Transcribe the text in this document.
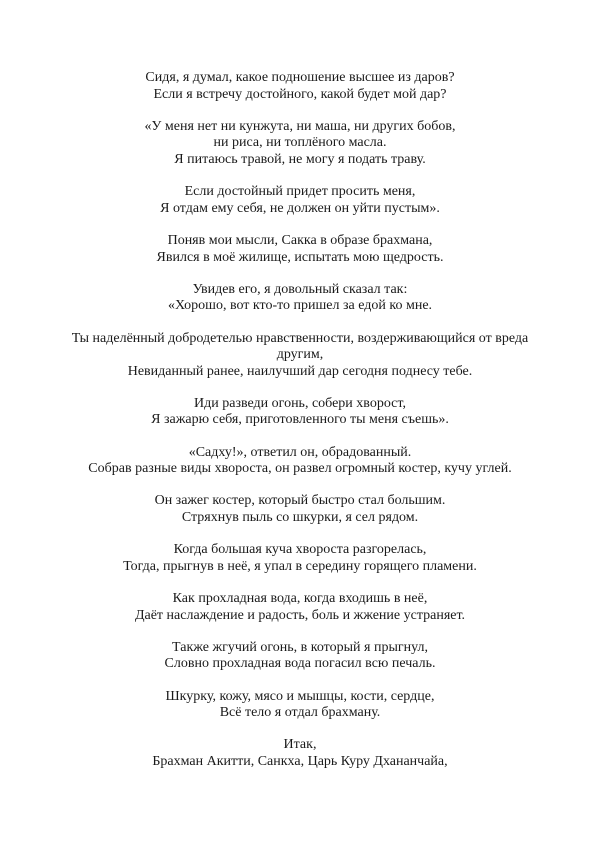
Сидя, я думал, какое подношение высшее из даров?
Если я встречу достойного, какой будет мой дар?
«У меня нет ни кунжута, ни маша, ни других бобов,
ни риса, ни топлёного масла.
Я питаюсь травой, не могу я подать траву.
Если достойный придет просить меня,
Я отдам ему себя, не должен он уйти пустым».
Поняв мои мысли, Сакка в образе брахмана,
Явился в моё жилище, испытать мою щедрость.
Увидев его, я довольный сказал так:
«Хорошо, вот кто-то пришел за едой ко мне.
Ты наделённый добродетелью нравственности, воздерживающийся от вреда другим,
Невиданный ранее, наилучший дар сегодня поднесу тебе.
Иди разведи огонь, собери хворост,
Я зажарю себя, приготовленного ты меня съешь».
«Садху!», ответил он, обрадованный.
Собрав разные виды хвороста, он развел огромный костер, кучу углей.
Он зажег костер, который быстро стал большим.
Стряхнув пыль со шкурки, я сел рядом.
Когда большая куча хвороста разгорелась,
Тогда, прыгнув в неё, я упал в середину горящего пламени.
Как прохладная вода, когда входишь в неё,
Даёт наслаждение и радость, боль и жжение устраняет.
Также жгучий огонь, в который я прыгнул,
Словно прохладная вода погасил всю печаль.
Шкурку, кожу, мясо и мышцы, кости, сердце,
Всё тело я отдал брахману.
Итак,
Брахман Акитти, Санкха, Царь Куру Дхананчайа,
